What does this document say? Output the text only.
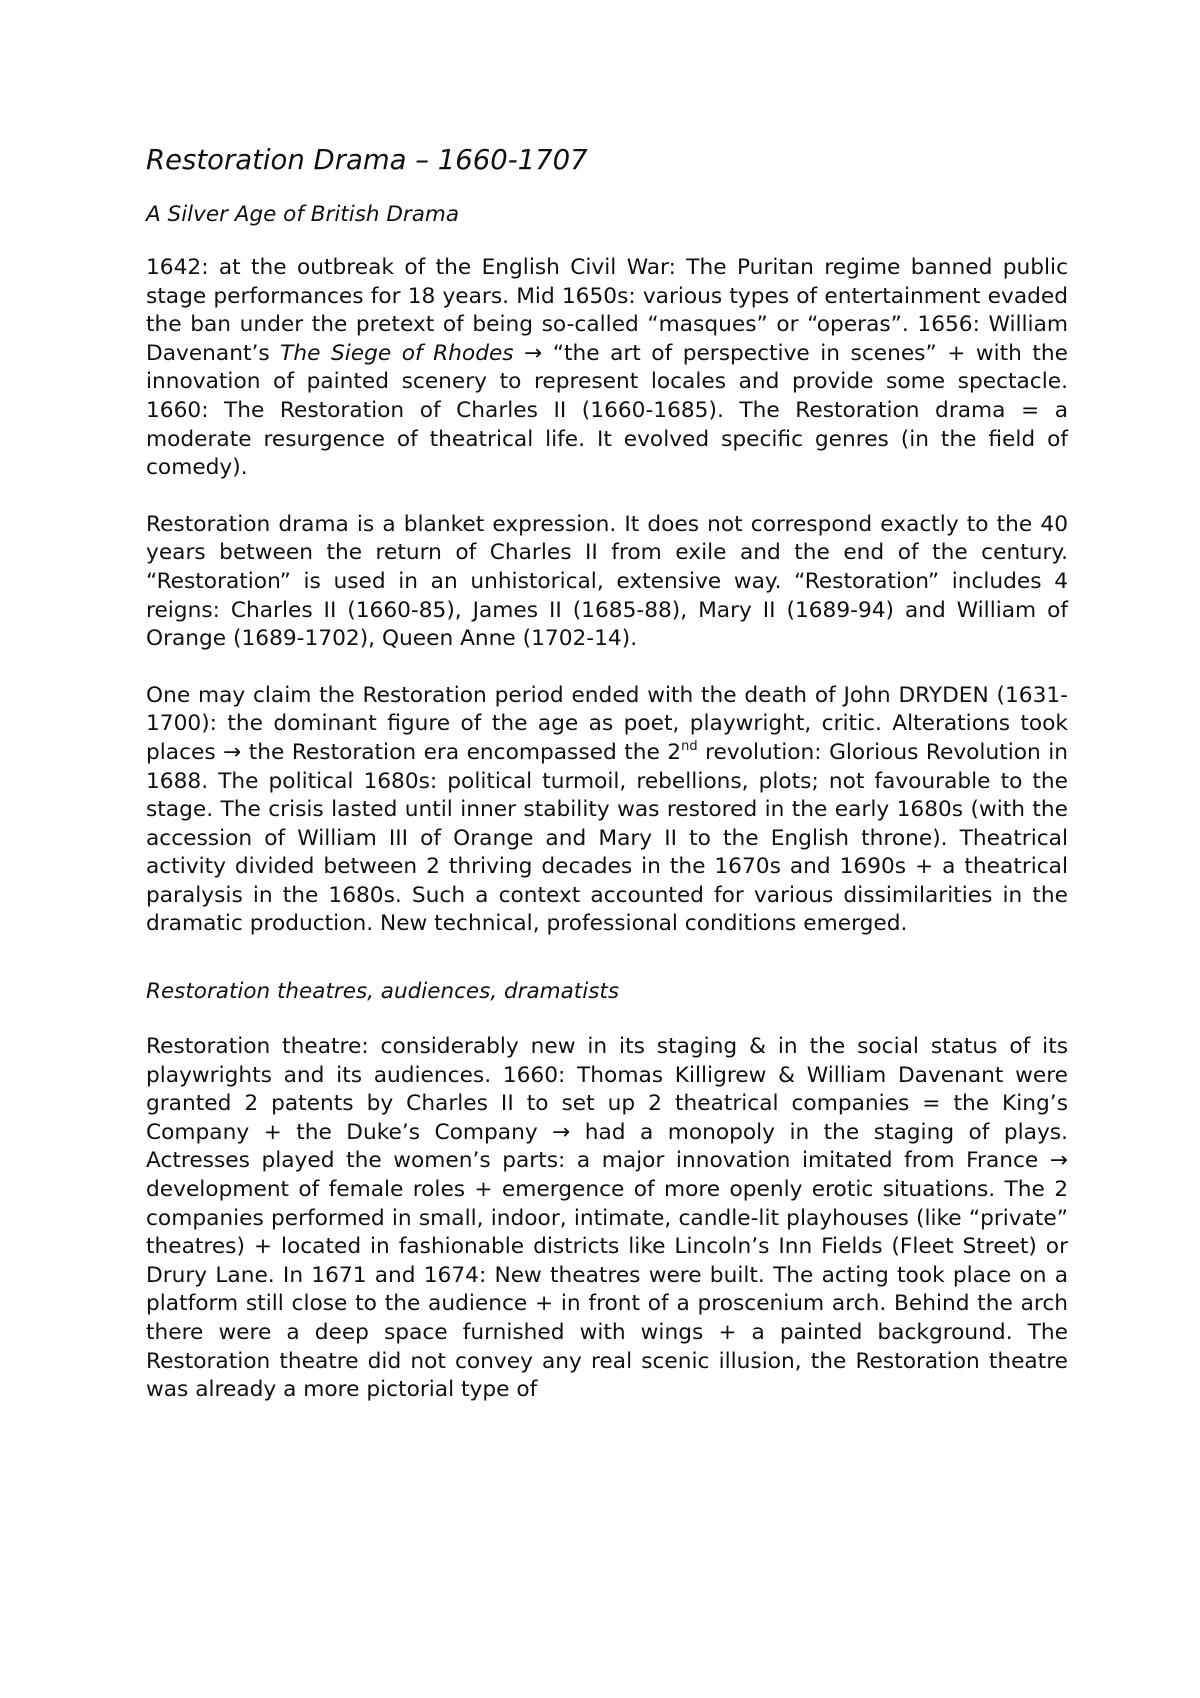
Restoration Drama – 1660-1707
A Silver Age of British Drama

1642: at the outbreak of the English Civil War: The Puritan regime banned public stage performances for 18 years. Mid 1650s: various types of entertainment evaded the ban under the pretext of being so-called “masques” or “operas”. 1656: William Davenant’s The Siege of Rhodes → “the art of perspective in scenes” + with the innovation of painted scenery to represent locales and provide some spectacle. 1660: The Restoration of Charles II (1660-1685). The Restoration drama = a moderate resurgence of theatrical life. It evolved specific genres (in the field of comedy).

Restoration drama is a blanket expression. It does not correspond exactly to the 40 years between the return of Charles II from exile and the end of the century. “Restoration” is used in an unhistorical, extensive way. “Restoration” includes 4 reigns: Charles II (1660-85), James II (1685-88), Mary II (1689-94) and William of Orange (1689-1702), Queen Anne (1702-14).

One may claim the Restoration period ended with the death of John DRYDEN (1631-1700): the dominant figure of the age as poet, playwright, critic. Alterations took places → the Restoration era encompassed the 2nd revolution: Glorious Revolution in 1688. The political 1680s: political turmoil, rebellions, plots; not favourable to the stage. The crisis lasted until inner stability was restored in the early 1680s (with the accession of William III of Orange and Mary II to the English throne). Theatrical activity divided between 2 thriving decades in the 1670s and 1690s + a theatrical paralysis in the 1680s. Such a context accounted for various dissimilarities in the dramatic production. New technical, professional conditions emerged.

Restoration theatres, audiences, dramatists

Restoration theatre: considerably new in its staging & in the social status of its playwrights and its audiences. 1660: Thomas Killigrew & William Davenant were granted 2 patents by Charles II to set up 2 theatrical companies = the King’s Company + the Duke’s Company → had a monopoly in the staging of plays. Actresses played the women’s parts: a major innovation imitated from France → development of female roles + emergence of more openly erotic situations. The 2 companies performed in small, indoor, intimate, candle-lit playhouses (like “private” theatres) + located in fashionable districts like Lincoln’s Inn Fields (Fleet Street) or Drury Lane. In 1671 and 1674: New theatres were built. The acting took place on a platform still close to the audience + in front of a proscenium arch. Behind the arch there were a deep space furnished with wings + a painted background. The Restoration theatre did not convey any real scenic illusion, the Restoration theatre was already a more pictorial type of
